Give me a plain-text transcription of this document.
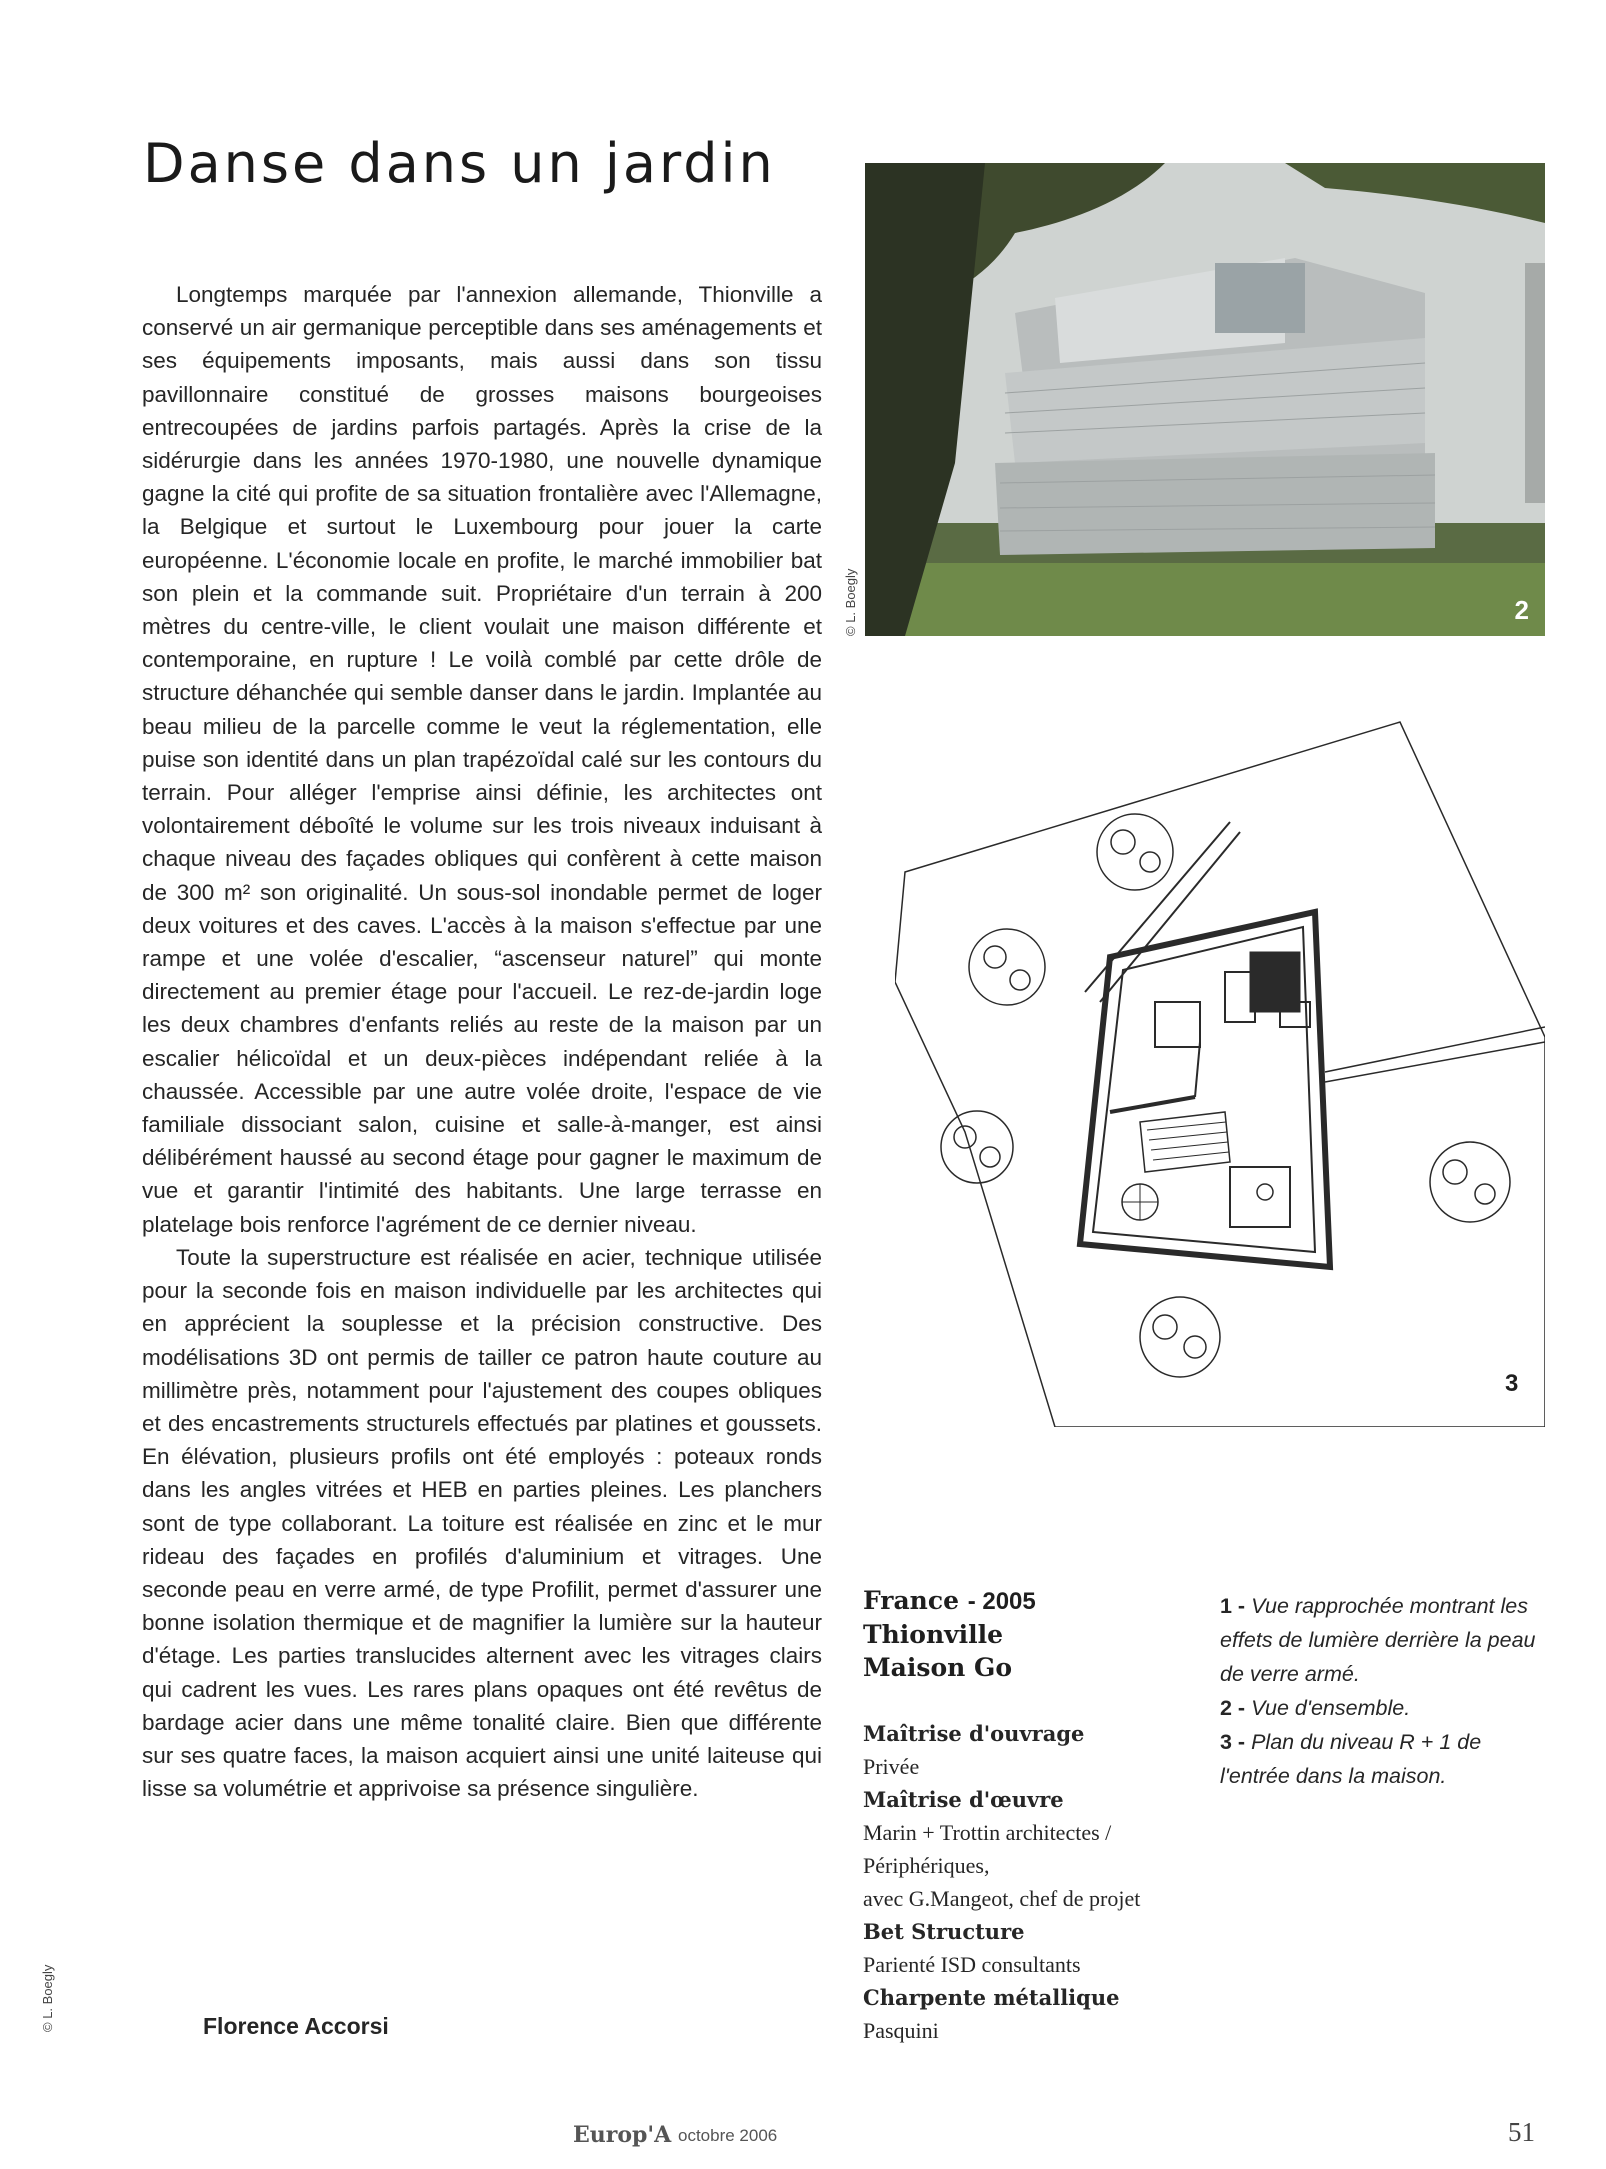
Danse dans un jardin

Longtemps marquée par l'annexion allemande, Thionville a conservé un air germanique perceptible dans ses aménagements et ses équipements imposants, mais aussi dans son tissu pavillonnaire constitué de grosses maisons bourgeoises entrecoupées de jardins parfois partagés. Après la crise de la sidérurgie dans les années 1970-1980, une nouvelle dynamique gagne la cité qui profite de sa situation frontalière avec l'Allemagne, la Belgique et surtout le Luxembourg pour jouer la carte européenne. L'économie locale en profite, le marché immobilier bat son plein et la commande suit. Propriétaire d'un terrain à 200 mètres du centre-ville, le client voulait une maison différente et contemporaine, en rupture ! Le voilà comblé par cette drôle de structure déhanchée qui semble danser dans le jardin. Implantée au beau milieu de la parcelle comme le veut la réglementation, elle puise son identité dans un plan trapézoïdal calé sur les contours du terrain. Pour alléger l'emprise ainsi définie, les architectes ont volontairement déboîté le volume sur les trois niveaux induisant à chaque niveau des façades obliques qui confèrent à cette maison de 300 m² son originalité. Un sous-sol inondable permet de loger deux voitures et des caves. L'accès à la maison s'effectue par une rampe et une volée d'escalier, “ascenseur naturel” qui monte directement au premier étage pour l'accueil. Le rez-de-jardin loge les deux chambres d'enfants reliés au reste de la maison par un escalier hélicoïdal et un deux-pièces indépendant reliée à la chaussée. Accessible par une autre volée droite, l'espace de vie familiale dissociant salon, cuisine et salle-à-manger, est ainsi délibérément haussé au second étage pour gagner le maximum de vue et garantir l'intimité des habitants. Une large terrasse en platelage bois renforce l'agrément de ce dernier niveau.

Toute la superstructure est réalisée en acier, technique utilisée pour la seconde fois en maison individuelle par les architectes qui en apprécient la souplesse et la précision constructive. Des modélisations 3D ont permis de tailler ce patron haute couture au millimètre près, notamment pour l'ajustement des coupes obliques et des encastrements structurels effectués par platines et goussets. En élévation, plusieurs profils ont été employés : poteaux ronds dans les angles vitrées et HEB en parties pleines. Les planchers sont de type collaborant. La toiture est réalisée en zinc et le mur rideau des façades en profilés d'aluminium et vitrages. Une seconde peau en verre armé, de type Profilit, permet d'assurer une bonne isolation thermique et de magnifier la lumière sur la hauteur d'étage. Les parties translucides alternent avec les vitrages clairs qui cadrent les vues. Les rares plans opaques ont été revêtus de bardage acier dans une même tonalité claire. Bien que différente sur ses quatre faces, la maison acquiert ainsi une unité laiteuse qui lisse sa volumétrie et apprivoise sa présence singulière.

Florence Accorsi
2
© L. Boegly
3
France - 2005
Thionville
Maison Go
Maîtrise d'ouvrage
Privée
Maîtrise d'œuvre
Marin + Trottin architectes /
Périphériques,
avec G.Mangeot, chef de projet
Bet Structure
Parienté ISD consultants
Charpente métallique
Pasquini
1 - Vue rapprochée montrant les effets de lumière derrière la peau de verre armé.
2 - Vue d'ensemble.
3 - Plan du niveau R + 1 de l'entrée dans la maison.
© L. Boegly
Europ'A octobre 2006	51
